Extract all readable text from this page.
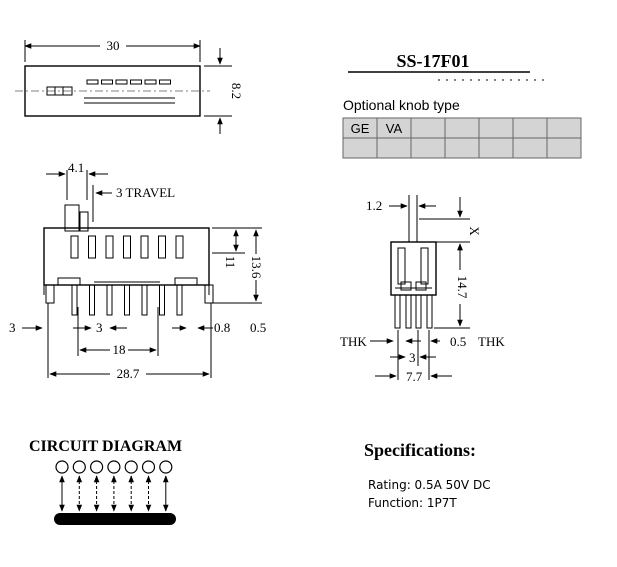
30
8.2
SS-17F01
Optional knob type
GE VA
4.1
3 TRAVEL
11 13.6
3	3	0.8 0.5
18
28.7
1.2
X
14.7
THK	0.5 THK
3
7.7
CIRCUIT DIAGRAM	Specifications:
Rating: 0.5A 50V DC
Function: 1P7T
